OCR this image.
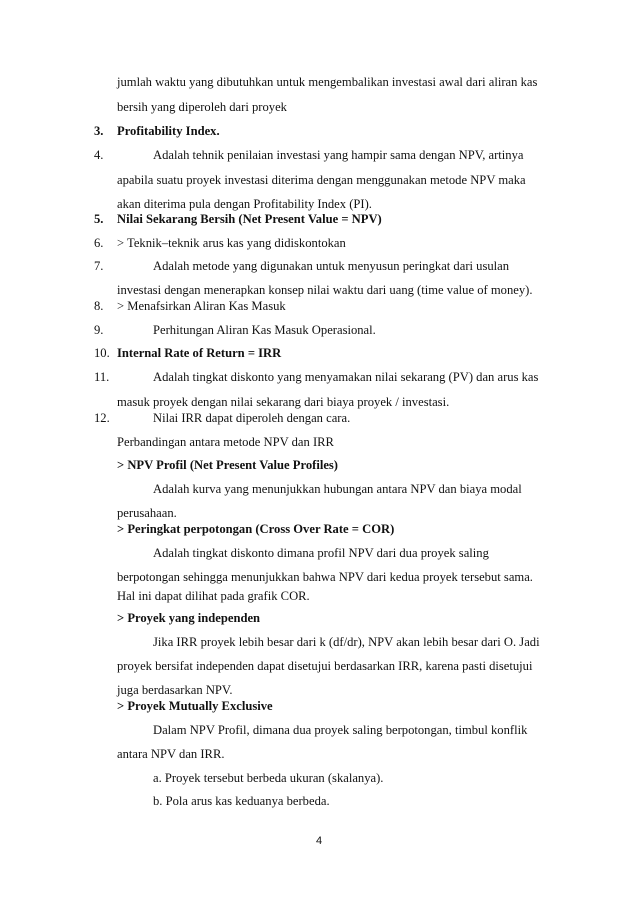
jumlah waktu yang dibutuhkan untuk mengembalikan investasi awal dari aliran kas
bersih yang diperoleh dari proyek
3. Profitability Index.
4.	Adalah tehnik penilaian investasi yang hampir sama dengan NPV, artinya
apabila suatu proyek investasi diterima dengan menggunakan metode NPV maka
akan diterima pula dengan Profitability Index (PI).
5. Nilai Sekarang Bersih (Net Present Value = NPV)
6. > Teknik–teknik arus kas yang didiskontokan
7.	Adalah metode yang digunakan untuk menyusun peringkat dari usulan
investasi dengan menerapkan konsep nilai waktu dari uang (time value of money).
8. > Menafsirkan Aliran Kas Masuk
9.	Perhitungan Aliran Kas Masuk Operasional.
10. Internal Rate of Return = IRR
11.	Adalah tingkat diskonto yang menyamakan nilai sekarang (PV) dan arus kas
masuk proyek dengan nilai sekarang dari biaya proyek / investasi.
12.	Nilai IRR dapat diperoleh dengan cara.
Perbandingan antara metode NPV dan IRR
> NPV Profil (Net Present Value Profiles)
Adalah kurva yang menunjukkan hubungan antara NPV dan biaya modal
perusahaan.
> Peringkat perpotongan (Cross Over Rate = COR)
Adalah tingkat diskonto dimana profil NPV dari dua proyek saling
berpotongan sehingga menunjukkan bahwa NPV dari kedua proyek tersebut sama.
Hal ini dapat dilihat pada grafik COR.
> Proyek yang independen
Jika IRR proyek lebih besar dari k (df/dr), NPV akan lebih besar dari O. Jadi
proyek bersifat independen dapat disetujui berdasarkan IRR, karena pasti disetujui
juga berdasarkan NPV.
> Proyek Mutually Exclusive
Dalam NPV Profil, dimana dua proyek saling berpotongan, timbul konflik
antara NPV dan IRR.
a. Proyek tersebut berbeda ukuran (skalanya).
b. Pola arus kas keduanya berbeda.
4
